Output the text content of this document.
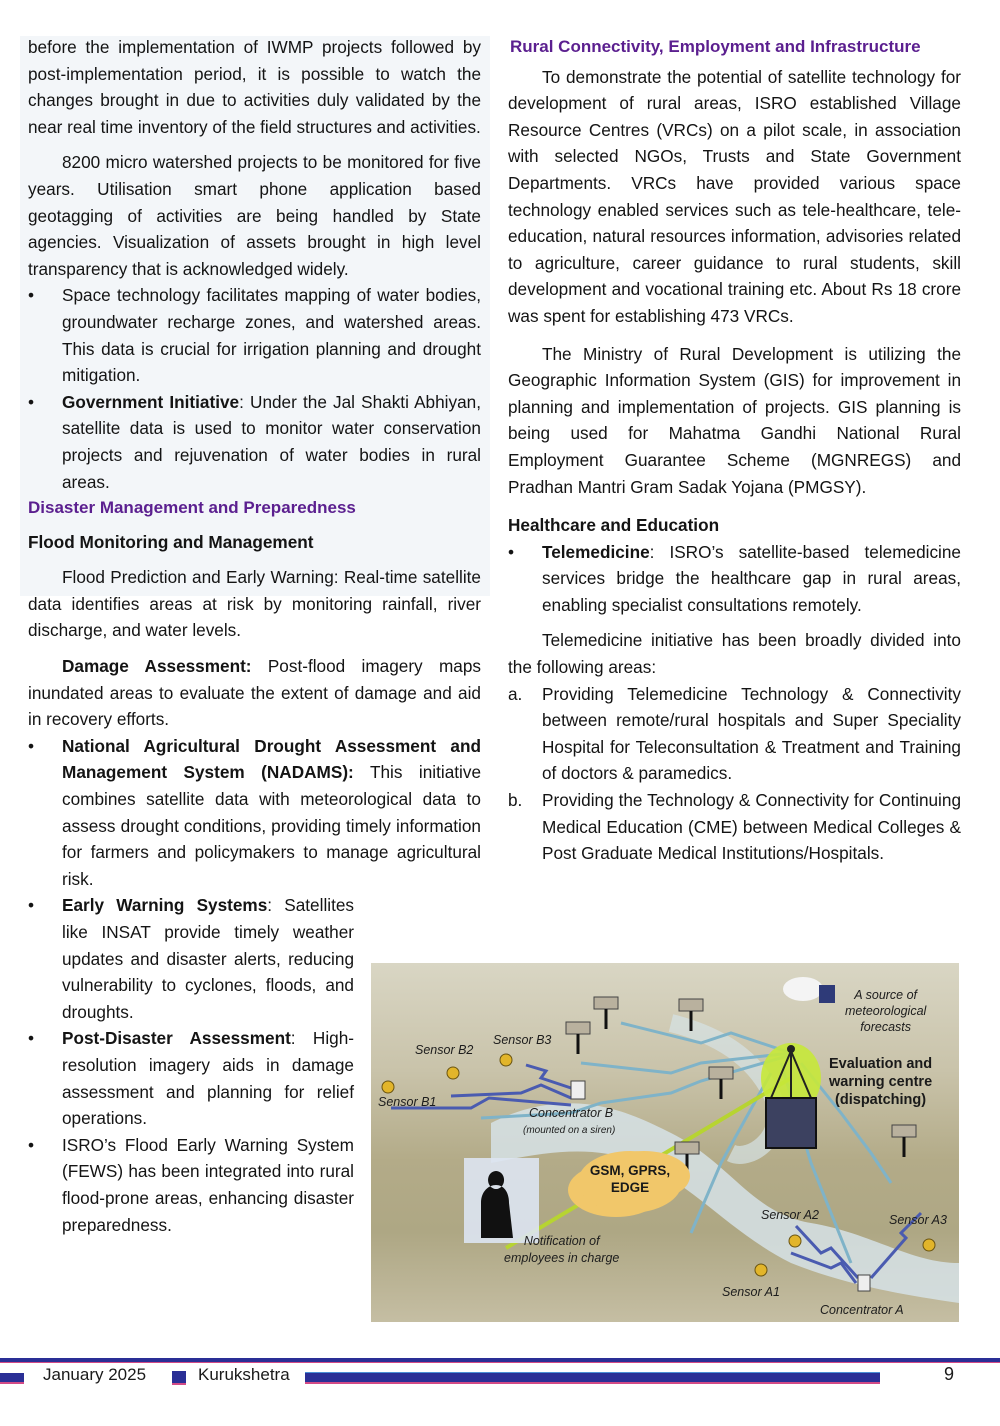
before the implementation of IWMP projects followed by post-implementation period, it is possible to watch the changes brought in due to activities duly validated by the near real time inventory of the field structures and activities.

8200 micro watershed projects to be monitored for five years. Utilisation smart phone application based geotagging of activities are being handled by State agencies. Visualization of assets brought in high level transparency that is acknowledged widely.

• Space technology facilitates mapping of water bodies, groundwater recharge zones, and watershed areas. This data is crucial for irrigation planning and drought mitigation.
• Government Initiative: Under the Jal Shakti Abhiyan, satellite data is used to monitor water conservation projects and rejuvenation of water bodies in rural areas.
Disaster Management and Preparedness
Flood Monitoring and Management

Flood Prediction and Early Warning: Real-time satellite data identifies areas at risk by monitoring rainfall, river discharge, and water levels.

Damage Assessment: Post-flood imagery maps inundated areas to evaluate the extent of damage and aid in recovery efforts.

• National Agricultural Drought Assessment and Management System (NADAMS): This initiative combines satellite data with meteorological data to assess drought conditions, providing timely information for farmers and policymakers to manage agricultural risk.
• Early Warning Systems: Satellites like INSAT provide timely weather updates and disaster alerts, reducing vulnerability to cyclones, floods, and droughts.
• Post-Disaster Assessment: High-resolution imagery aids in damage assessment and planning for relief operations.
• ISRO’s Flood Early Warning System (FEWS) has been integrated into rural flood-prone areas, enhancing disaster preparedness.
Rural Connectivity, Employment and Infrastructure

To demonstrate the potential of satellite technology for development of rural areas, ISRO established Village Resource Centres (VRCs) on a pilot scale, in association with selected NGOs, Trusts and State Government Departments. VRCs have provided various space technology enabled services such as tele-healthcare, tele-education, natural resources information, advisories related to agriculture, career guidance to rural students, skill development and vocational training etc. About Rs 18 crore was spent for establishing 473 VRCs.

The Ministry of Rural Development is utilizing the Geographic Information System (GIS) for improvement in planning and implementation of projects. GIS planning is being used for Mahatma Gandhi National Rural Employment Guarantee Scheme (MGNREGS) and Pradhan Mantri Gram Sadak Yojana (PMGSY).

Healthcare and Education
• Telemedicine: ISRO’s satellite-based telemedicine services bridge the healthcare gap in rural areas, enabling specialist consultations remotely.

Telemedicine initiative has been broadly divided into the following areas:

a. Providing Telemedicine Technology & Connectivity between remote/rural hospitals and Super Speciality Hospital for Teleconsultation & Treatment and Training of doctors & paramedics.
b. Providing the Technology & Connectivity for Continuing Medical Education (CME) between Medical Colleges & Post Graduate Medical Institutions/Hospitals.
Sensor B2
Sensor B3
Sensor B1
Concentrator B
(mounted on a siren)
A source of
meteorological
forecasts
Evaluation and
warning centre
(dispatching)
GSM, GPRS,
EDGE
Notification of
employees in charge
Sensor A2	Sensor A3
Sensor A1
Concentrator A
January 2025	Kurukshetra	9
